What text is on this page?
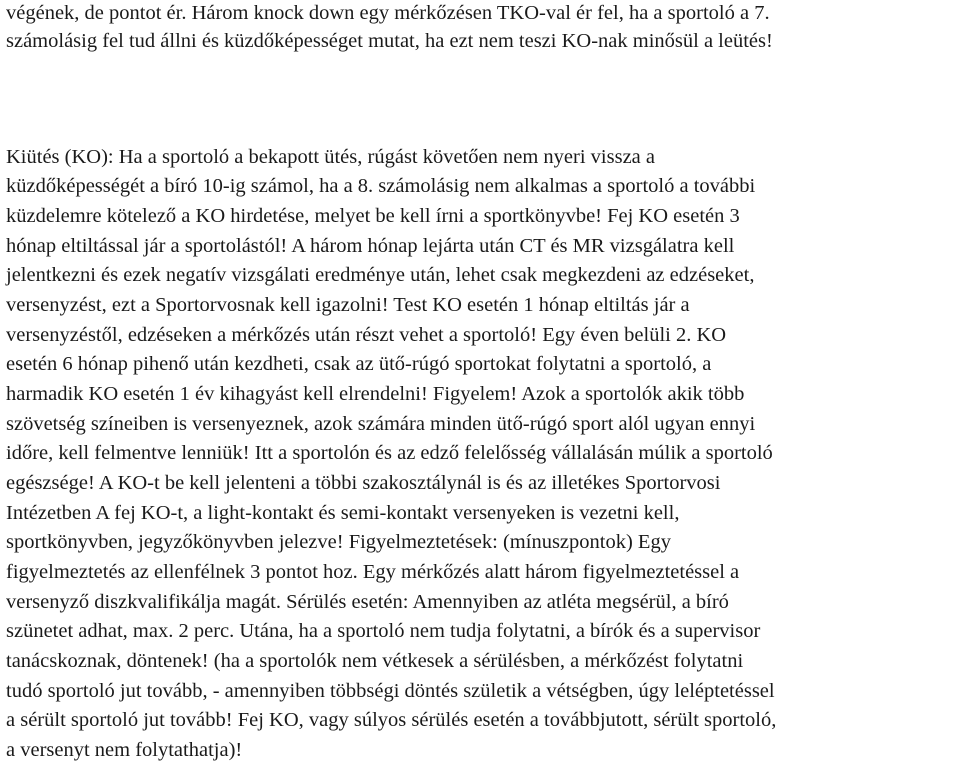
végének, de pontot ér. Három knock down egy mérkőzésen TKO-val ér fel, ha a sportoló a 7.
számolásig fel tud állni és küzdőképességet mutat, ha ezt nem teszi KO-nak minősül a leütés!
Kiütés (KO): Ha a sportoló a bekapott ütés, rúgást követően nem nyeri vissza a
küzdőképességét a bíró 10-ig számol, ha a 8. számolásig nem alkalmas a sportoló a további
küzdelemre kötelező a KO hirdetése, melyet be kell írni a sportkönyvbe! Fej KO esetén 3
hónap eltiltással jár a sportolástól! A három hónap lejárta után CT és MR vizsgálatra kell
jelentkezni és ezek negatív vizsgálati eredménye után, lehet csak megkezdeni az edzéseket,
versenyzést, ezt a Sportorvosnak kell igazolni! Test KO esetén 1 hónap eltiltás jár a
versenyzéstől, edzéseken a mérkőzés után részt vehet a sportoló! Egy éven belüli 2. KO
esetén 6 hónap pihenő után kezdheti, csak az ütő-rúgó sportokat folytatni a sportoló, a
harmadik KO esetén 1 év kihagyást kell elrendelni! Figyelem! Azok a sportolók akik több
szövetség színeiben is versenyeznek, azok számára minden ütő-rúgó sport alól ugyan ennyi
időre, kell felmentve lenniük! Itt a sportolón és az edző felelősség vállalásán múlik a sportoló
egészsége! A KO-t be kell jelenteni a többi szakosztálynál is és az illetékes Sportorvosi
Intézetben A fej KO-t, a light-kontakt és semi-kontakt versenyeken is vezetni kell,
sportkönyvben, jegyzőkönyvben jelezve! Figyelmeztetések: (mínuszpontok) Egy
figyelmeztetés az ellenfélnek 3 pontot hoz. Egy mérkőzés alatt három figyelmeztetéssel a
versenyző diszkvalifikálja magát. Sérülés esetén: Amennyiben az atléta megsérül, a bíró
szünetet adhat, max. 2 perc. Utána, ha a sportoló nem tudja folytatni, a bírók és a supervisor
tanácskoznak, döntenek! (ha a sportolók nem vétkesek a sérülésben, a mérkőzést folytatni
tudó sportoló jut tovább, - amennyiben többségi döntés születik a vétségben, úgy leléptetéssel
a sérült sportoló jut tovább! Fej KO, vagy súlyos sérülés esetén a továbbjutott, sérült sportoló,
a versenyt nem folytathatja)!
